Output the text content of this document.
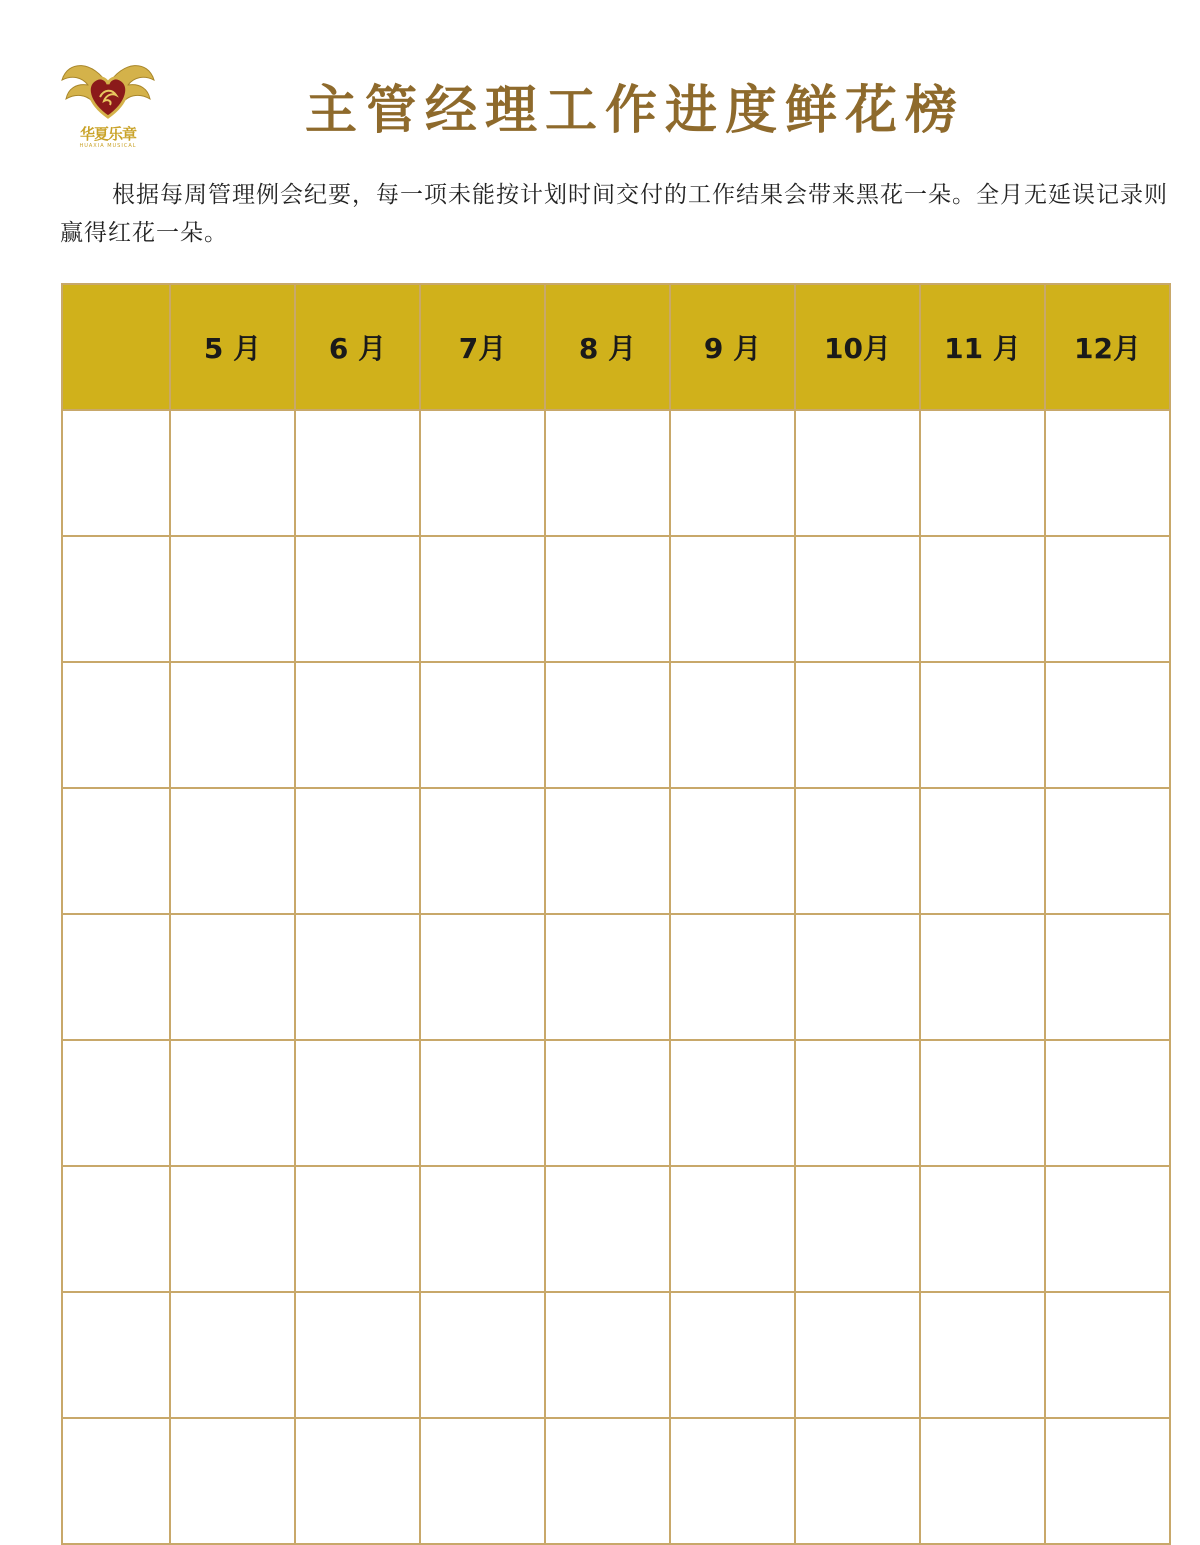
华夏乐章
HUAXIA MUSICAL
主管经理工作进度鲜花榜
根据每周管理例会纪要，每一项未能按计划时间交付的工作结果会带来黑花一朵。全月无延误记录则赢得红花一朵。
	5 月	6 月	7月	8 月	9 月	10月	11 月	12月
